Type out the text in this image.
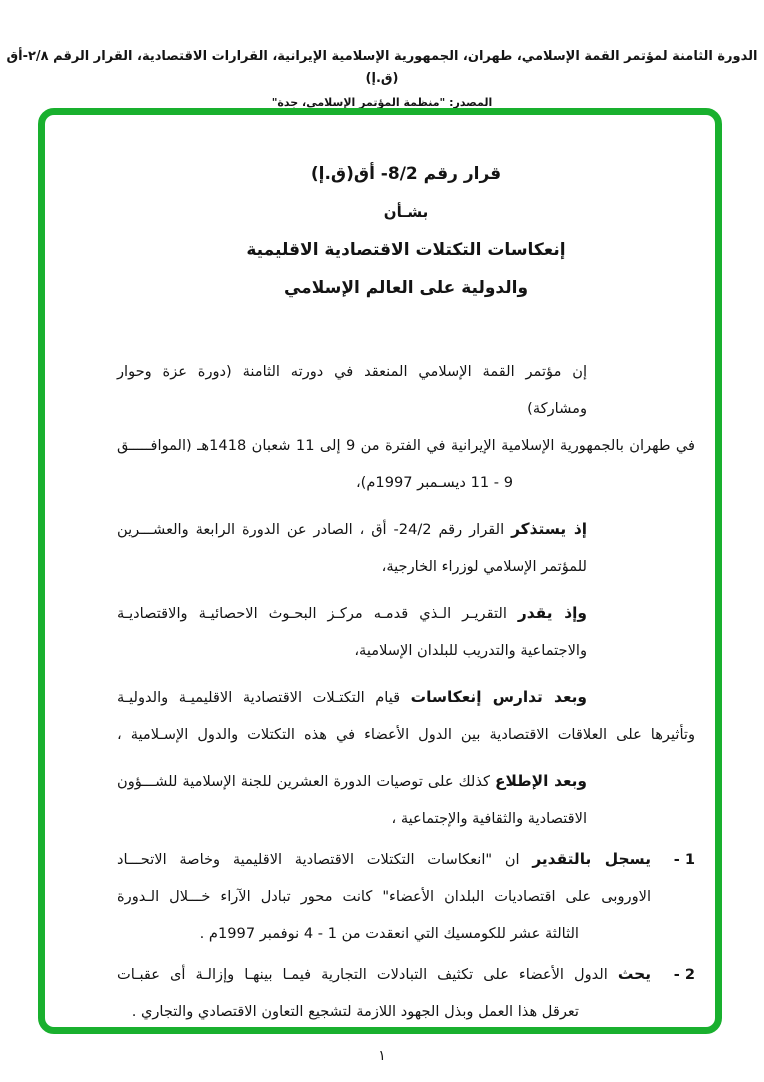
الدورة الثامنة لمؤتمر القمة الإسلامي، طهران، الجمهورية الإسلامية الإيرانية، القرارات الاقتصادية، القرار الرقم ٢/٨-أق (ق.إ)
المصدر: "منظمة المؤتمر الإسلامي، جدة"
قرار رقم 8/2- أق(ق.إ)
بشـأن
إنعكاسات التكتلات الاقتصادية الاقليمية
والدولية على العالم الإسلامي
إن مؤتمر القمة الإسلامي المنعقد في دورته الثامنة (دورة عزة وحوار ومشاركة)
في طهران بالجمهورية الإسلامية الإيرانية في الفترة من 9 إلى 11 شعبان 1418هـ (الموافـــــق
9 - 11 ديسـمبر 1997م)،
إذ يستذكر القرار رقم 24/2- أق ، الصادر عن الدورة الرابعة والعشـــرين
للمؤتمر الإسلامي لوزراء الخارجية،
وإذ يقدر التقريـر الـذي قدمـه مركـز البحـوث الاحصائيـة والاقتصاديـة
والاجتماعية والتدريب للبلدان الإسلامية،
وبعد تدارس إنعكاسات قيام التكتـلات الاقتصادية الاقليميـة والدوليـة
وتأثيرها على العلاقات الاقتصادية بين الدول الأعضاء في هذه التكتلات والدول الإسـلامية ،
وبعد الإطلاع كذلك على توصيات الدورة العشرين للجنة الإسلامية للشـــؤون
الاقتصادية والثقافية والإجتماعية ،
1 -
يسجل بالتقدير ان "انعكاسات التكتلات الاقتصادية الاقليمية وخاصة الاتحـــاد
الاوروبى على اقتصاديات البلدان الأعضاء" كانت محور تبادل الآراء خـــلال الـدورة
الثالثة عشر للكومسيك التي انعقدت من 1 - 4 نوفمبر 1997م .
2 -
يحث الدول الأعضاء على تكثيف التبادلات التجارية فيمـا بينهـا وإزالـة أى عقبـات
تعرقل هذا العمل وبذل الجهود اللازمة لتشجيع التعاون الاقتصادي والتجاري .
١
